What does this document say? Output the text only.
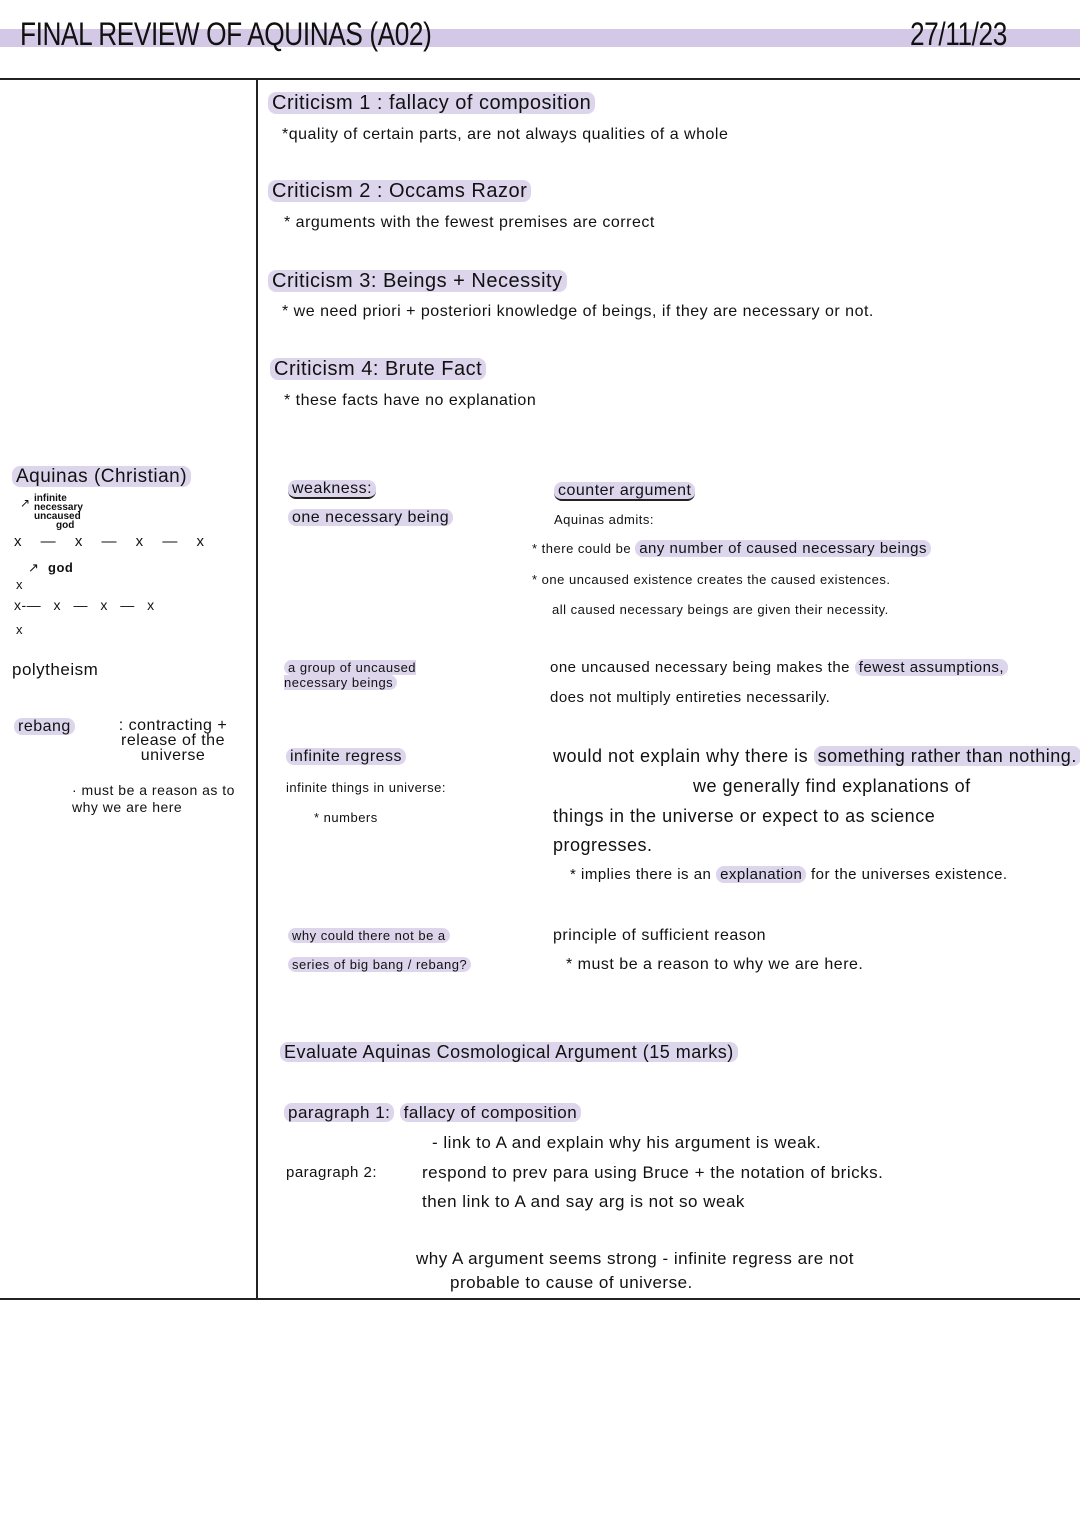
FINAL REVIEW OF AQUINAS (A02)	27/11/23
Criticism 1 : fallacy of composition
*quality of certain parts, are not always qualities of a whole
Criticism 2 : Occams Razor
* arguments with the fewest premises are correct
Criticism 3: Beings + Necessity
* we need priori + posteriori knowledge of beings, if they are necessary or not.
Criticism 4: Brute Fact
* these facts have no explanation
Aquinas (Christian)
infinite
necessary
uncaused
god
↗
x — x — x — x
↗ god
x
x-— x — x — x
x
polytheism
rebang	: contracting + release of the universe
· must be a reason as to why we are here
weakness:	counter argument
one necessary being	Aquinas admits:
* there could be any number of caused necessary beings
* one uncaused existence creates the caused existences.
all caused necessary beings are given their necessity.
a group of uncaused necessary beings
one uncaused necessary being makes the fewest assumptions,
does not multiply entireties necessarily.
infinite regress
infinite things in universe:
* numbers
would not explain why there is something rather than nothing.
we generally find explanations of
things in the universe or expect to as science
progresses.
* implies there is an explanation for the universes existence.
why could there not be a
series of big bang / rebang?
principle of sufficient reason
* must be a reason to why we are here.
Evaluate Aquinas Cosmological Argument (15 marks)
paragraph 1: fallacy of composition
- link to A and explain why his argument is weak.
paragraph 2:	respond to prev para using Bruce + the notation of bricks.
then link to A and say arg is not so weak
why A argument seems strong - infinite regress are not
probable to cause of universe.
